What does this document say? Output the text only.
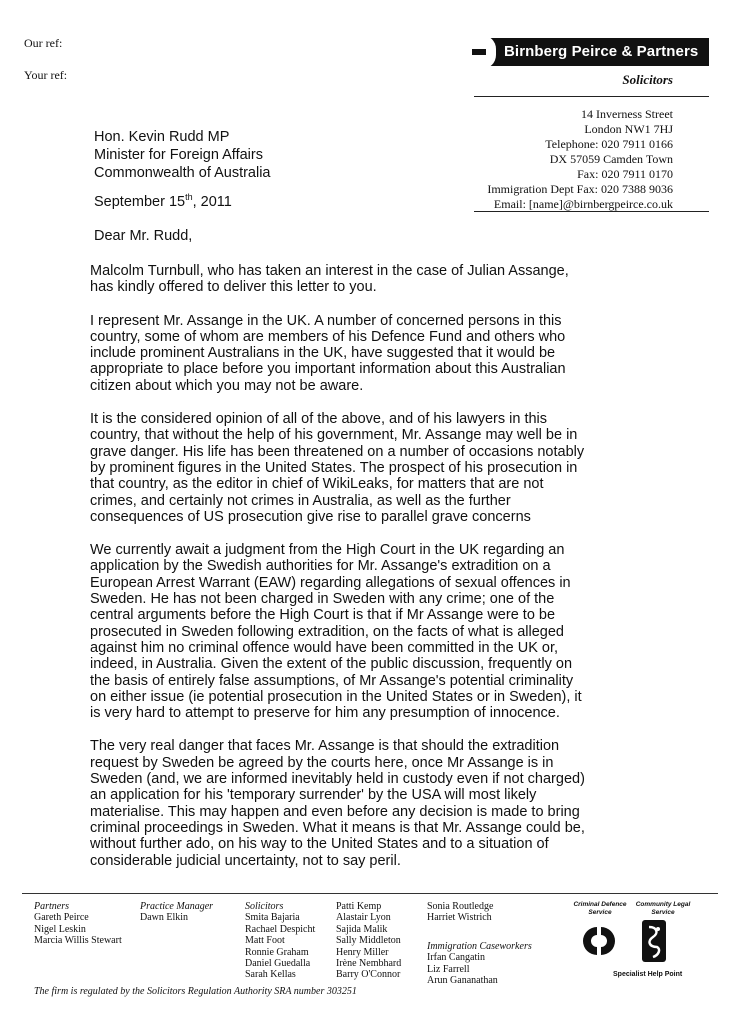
Our ref:
Your ref:
Birnberg Peirce & Partners
Solicitors
14 Inverness Street
London NW1 7HJ
Telephone: 020 7911 0166
DX 57059 Camden Town
Fax: 020 7911 0170
Immigration Dept Fax: 020 7388 9036
Email: [name]@birnbergpeirce.co.uk
Hon. Kevin Rudd MP
Minister for Foreign Affairs
Commonwealth of Australia
September 15th, 2011
Dear Mr. Rudd,

Malcolm Turnbull, who has taken an interest in the case of Julian Assange, has kindly offered to deliver this letter to you.

I represent Mr. Assange in the UK. A number of concerned persons in this country, some of whom are members of his Defence Fund and others who include prominent Australians in the UK, have suggested that it would be appropriate to place before you important information about this Australian citizen about which you may not be aware.

It is the considered opinion of all of the above, and of his lawyers in this country, that without the help of his government, Mr. Assange may well be in grave danger. His life has been threatened on a number of occasions notably by prominent figures in the United States. The prospect of his prosecution in that country, as the editor in chief of WikiLeaks, for matters that are not crimes, and certainly not crimes in Australia, as well as the further consequences of US prosecution give rise to parallel grave concerns

We currently await a judgment from the High Court in the UK regarding an application by the Swedish authorities for Mr. Assange's extradition on a European Arrest Warrant (EAW) regarding allegations of sexual offences in Sweden. He has not been charged in Sweden with any crime; one of the central arguments before the High Court is that if Mr Assange were to be prosecuted in Sweden following extradition, on the facts of what is alleged against him no criminal offence would have been committed in the UK or, indeed, in Australia. Given the extent of the public discussion, frequently on the basis of entirely false assumptions, of Mr Assange's potential criminality on either issue (ie potential prosecution in the United States or in Sweden), it is very hard to attempt to preserve for him any presumption of innocence.

The very real danger that faces Mr. Assange is that should the extradition request by Sweden be agreed by the courts here, once Mr Assange is in Sweden (and, we are informed inevitably held in custody even if not charged) an application for his 'temporary surrender' by the USA will most likely materialise. This may happen and even before any decision is made to bring criminal proceedings in Sweden. What it means is that Mr. Assange could be, without further ado, on his way to the United States and to a situation of considerable judicial uncertainty, not to say peril.

Partners
Gareth Peirce
Nigel Leskin
Marcia Willis Stewart
Practice Manager
Dawn Elkin
Solicitors
Smita Bajaria
Rachael Despicht
Matt Foot
Ronnie Graham
Daniel Guedalla
Sarah Kellas
Patti Kemp
Alastair Lyon
Sajida Malik
Sally Middleton
Henry Miller
Irène Nembhard
Barry O'Connor
Sonia Routledge
Harriet Wistrich
Immigration Caseworkers
Irfan Cangatin
Liz Farrell
Arun Gananathan
Criminal Defence Service
Community Legal Service
Specialist Help Point
The firm is regulated by the Solicitors Regulation Authority SRA number 303251
